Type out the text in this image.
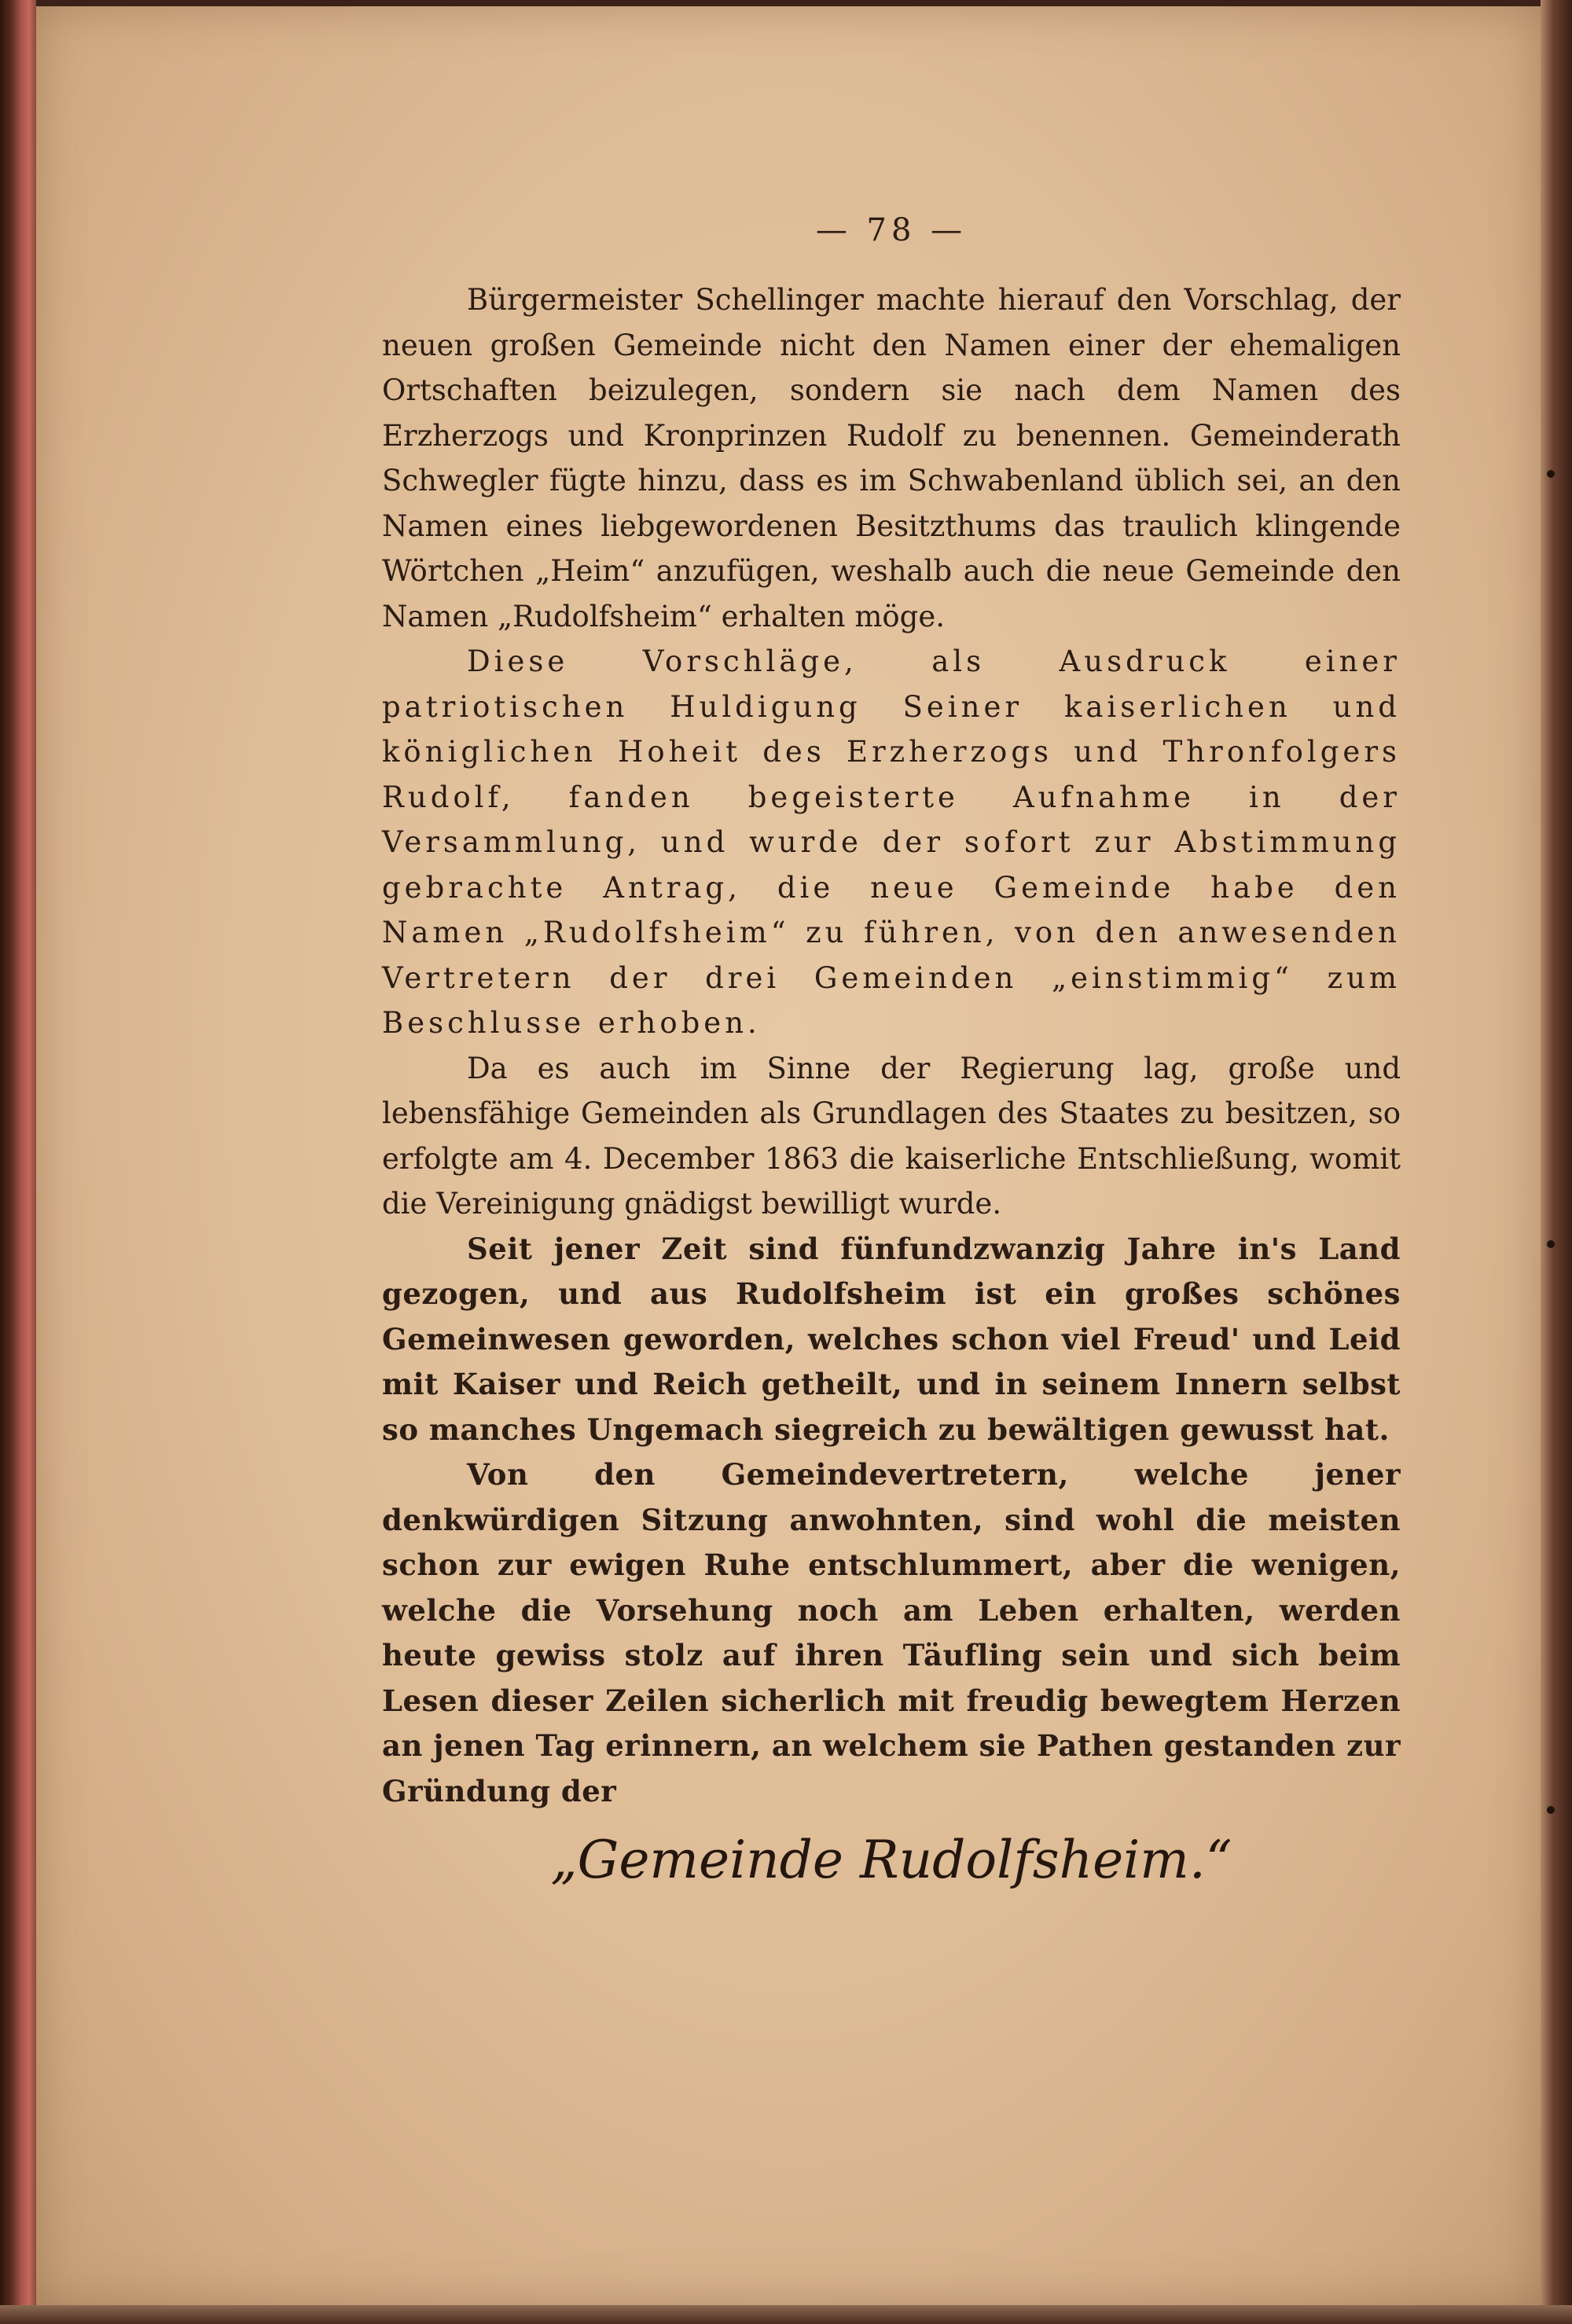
— 78 —

Bürgermeister Schellinger machte hierauf den Vorschlag, der neuen großen Gemeinde nicht den Namen einer der ehemaligen Ortschaften beizulegen, sondern sie nach dem Namen des Erzherzogs und Kronprinzen Rudolf zu benennen. Gemeinderath Schwegler fügte hinzu, dass es im Schwabenland üblich sei, an den Namen eines liebgewordenen Besitzthums das traulich klingende Wörtchen „Heim“ anzufügen, weshalb auch die neue Gemeinde den Namen „Rudolfsheim“ erhalten möge.

Diese Vorschläge, als Ausdruck einer patriotischen Huldigung Seiner kaiserlichen und königlichen Hoheit des Erzherzogs und Thronfolgers Rudolf, fanden begeisterte Aufnahme in der Versammlung, und wurde der sofort zur Abstimmung gebrachte Antrag, die neue Gemeinde habe den Namen „Rudolfsheim“ zu führen, von den anwesenden Vertretern der drei Gemeinden „einstimmig“ zum Beschlusse erhoben.

Da es auch im Sinne der Regierung lag, große und lebensfähige Gemeinden als Grundlagen des Staates zu besitzen, so erfolgte am 4. December 1863 die kaiserliche Entschließung, womit die Vereinigung gnädigst bewilligt wurde.

Seit jener Zeit sind fünfundzwanzig Jahre in's Land gezogen, und aus Rudolfsheim ist ein großes schönes Gemeinwesen geworden, welches schon viel Freud' und Leid mit Kaiser und Reich getheilt, und in seinem Innern selbst so manches Ungemach siegreich zu bewältigen gewusst hat.

Von den Gemeindevertretern, welche jener denkwürdigen Sitzung anwohnten, sind wohl die meisten schon zur ewigen Ruhe entschlummert, aber die wenigen, welche die Vorsehung noch am Leben erhalten, werden heute gewiss stolz auf ihren Täufling sein und sich beim Lesen dieser Zeilen sicherlich mit freudig bewegtem Herzen an jenen Tag erinnern, an welchem sie Pathen gestanden zur Gründung der

„Gemeinde Rudolfsheim.“
